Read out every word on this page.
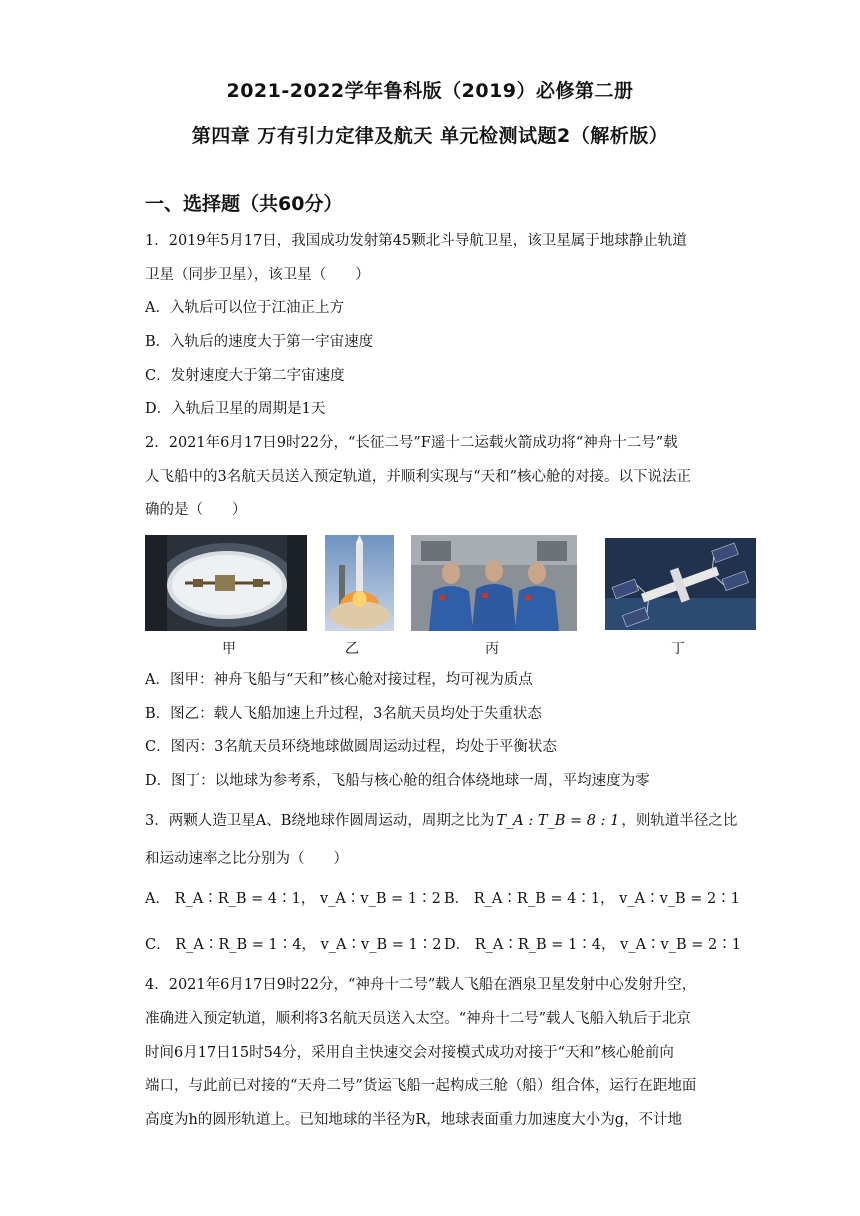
2021-2022学年鲁科版（2019）必修第二册
第四章 万有引力定律及航天 单元检测试题2（解析版）
一、选择题（共60分）
1．2019年5月17日，我国成功发射第45颗北斗导航卫星，该卫星属于地球静止轨道
卫星（同步卫星），该卫星（　　）
A．入轨后可以位于江油正上方
B．入轨后的速度大于第一宇宙速度
C．发射速度大于第二宇宙速度
D．入轨后卫星的周期是1天
2．2021年6月17日9时22分，“长征二号”F遥十二运载火箭成功将“神舟十二号”载
人飞船中的3名航天员送入预定轨道，并顺利实现与“天和”核心舱的对接。以下说法正
确的是（　　）
甲	乙	丙	丁
A．图甲：神舟飞船与“天和”核心舱对接过程，均可视为质点
B．图乙：载人飞船加速上升过程，3名航天员均处于失重状态
C．图丙：3名航天员环绕地球做圆周运动过程，均处于平衡状态
D．图丁：以地球为参考系，飞船与核心舱的组合体绕地球一周，平均速度为零
3．两颗人造卫星A、B绕地球作圆周运动，周期之比为 T_A : T_B = 8 : 1 ，则轨道半径之比
和运动速率之比分别为（　　）
A． R_A∶R_B = 4∶1， v_A∶v_B = 1∶2 B． R_A∶R_B = 4∶1， v_A∶v_B = 2∶1
C． R_A∶R_B = 1∶4， v_A∶v_B = 1∶2 D． R_A∶R_B = 1∶4， v_A∶v_B = 2∶1
4．2021年6月17日9时22分，“神舟十二号”载人飞船在酒泉卫星发射中心发射升空，
准确进入预定轨道，顺利将3名航天员送入太空。“神舟十二号”载人飞船入轨后于北京
时间6月17日15时54分，采用自主快速交会对接模式成功对接于“天和”核心舱前向
端口，与此前已对接的“天舟二号”货运飞船一起构成三舱（船）组合体，运行在距地面
高度为h的圆形轨道上。已知地球的半径为R，地球表面重力加速度大小为g，不计地
